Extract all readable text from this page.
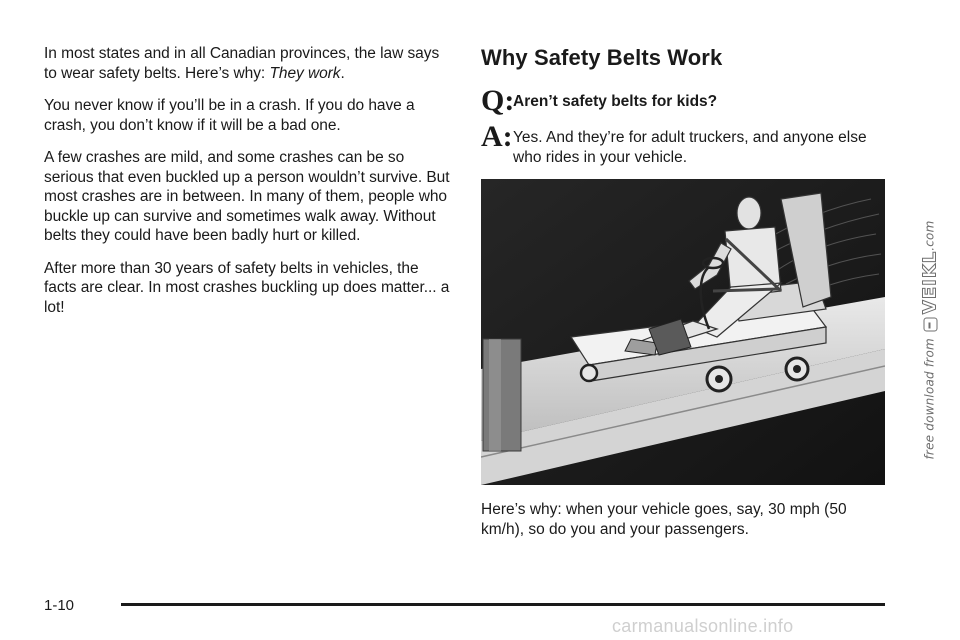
In most states and in all Canadian provinces, the law says to wear safety belts. Here’s why: They work.

You never know if you’ll be in a crash. If you do have a crash, you don’t know if it will be a bad one.

A few crashes are mild, and some crashes can be so serious that even buckled up a person wouldn’t survive. But most crashes are in between. In many of them, people who buckle up can survive and sometimes walk away. Without belts they could have been badly hurt or killed.

After more than 30 years of safety belts in vehicles, the facts are clear. In most crashes buckling up does matter... a lot!

Why Safety Belts Work
Q:
Aren’t safety belts for kids?
A: Yes. And they’re for adult truckers, and anyone else who rides in your vehicle.

Here’s why: when your vehicle goes, say, 30 mph (50 km/h), so do you and your passengers.

1-10
free download from VEIKL.com
carmanualsonline.info
